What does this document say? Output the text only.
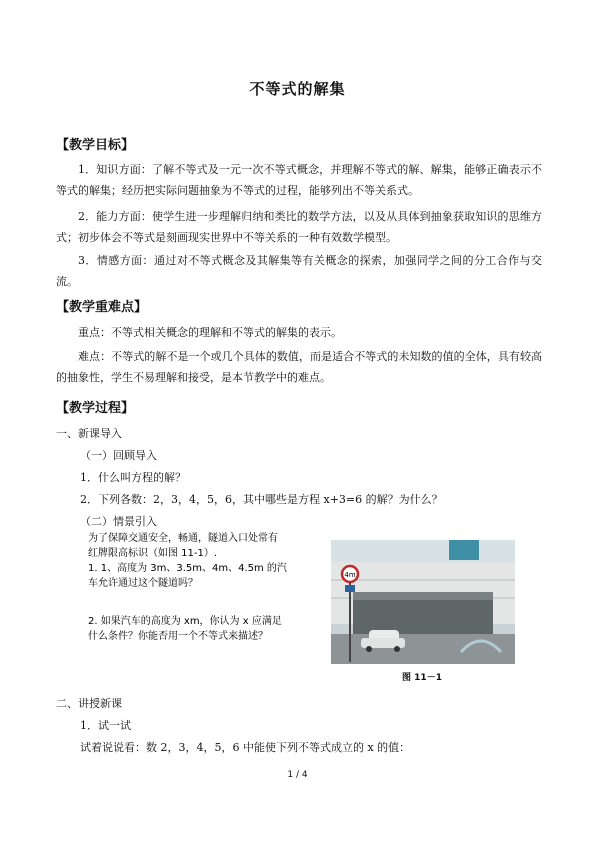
不等式的解集
【教学目标】

1．知识方面：了解不等式及一元一次不等式概念，并理解不等式的解、解集，能够正确表示不等式的解集；经历把实际问题抽象为不等式的过程，能够列出不等关系式。

2．能力方面：使学生进一步理解归纳和类比的数学方法，以及从具体到抽象获取知识的思维方式；初步体会不等式是刻画现实世界中不等关系的一种有效数学模型。

3．情感方面：通过对不等式概念及其解集等有关概念的探索，加强同学之间的分工合作与交流。

【教学重难点】

重点：不等式相关概念的理解和不等式的解集的表示。

难点：不等式的解不是一个或几个具体的数值，而是适合不等式的未知数的值的全体，具有较高的抽象性，学生不易理解和接受，是本节教学中的难点。

【教学过程】
一、新课导入
（一）回顾导入
1．什么叫方程的解？
2．下列各数：2，3，4，5，6，其中哪些是方程 x+3=6 的解？为什么？
（二）情景引入
为了保障交通安全，畅通，隧道入口处常有
红牌限高标识（如图 11-1）.
1. 1、高度为 3m、3.5m、4m、4.5m 的汽
车允许通过这个隧道吗？
2. 如果汽车的高度为 xm，你认为 x 应满足
什么条件？你能否用一个不等式来描述？
4m
图 11－1
二、讲授新课
1．试一试
试着说说看：数 2，3，4，5，6 中能使下列不等式成立的 x 的值：
1 / 4
